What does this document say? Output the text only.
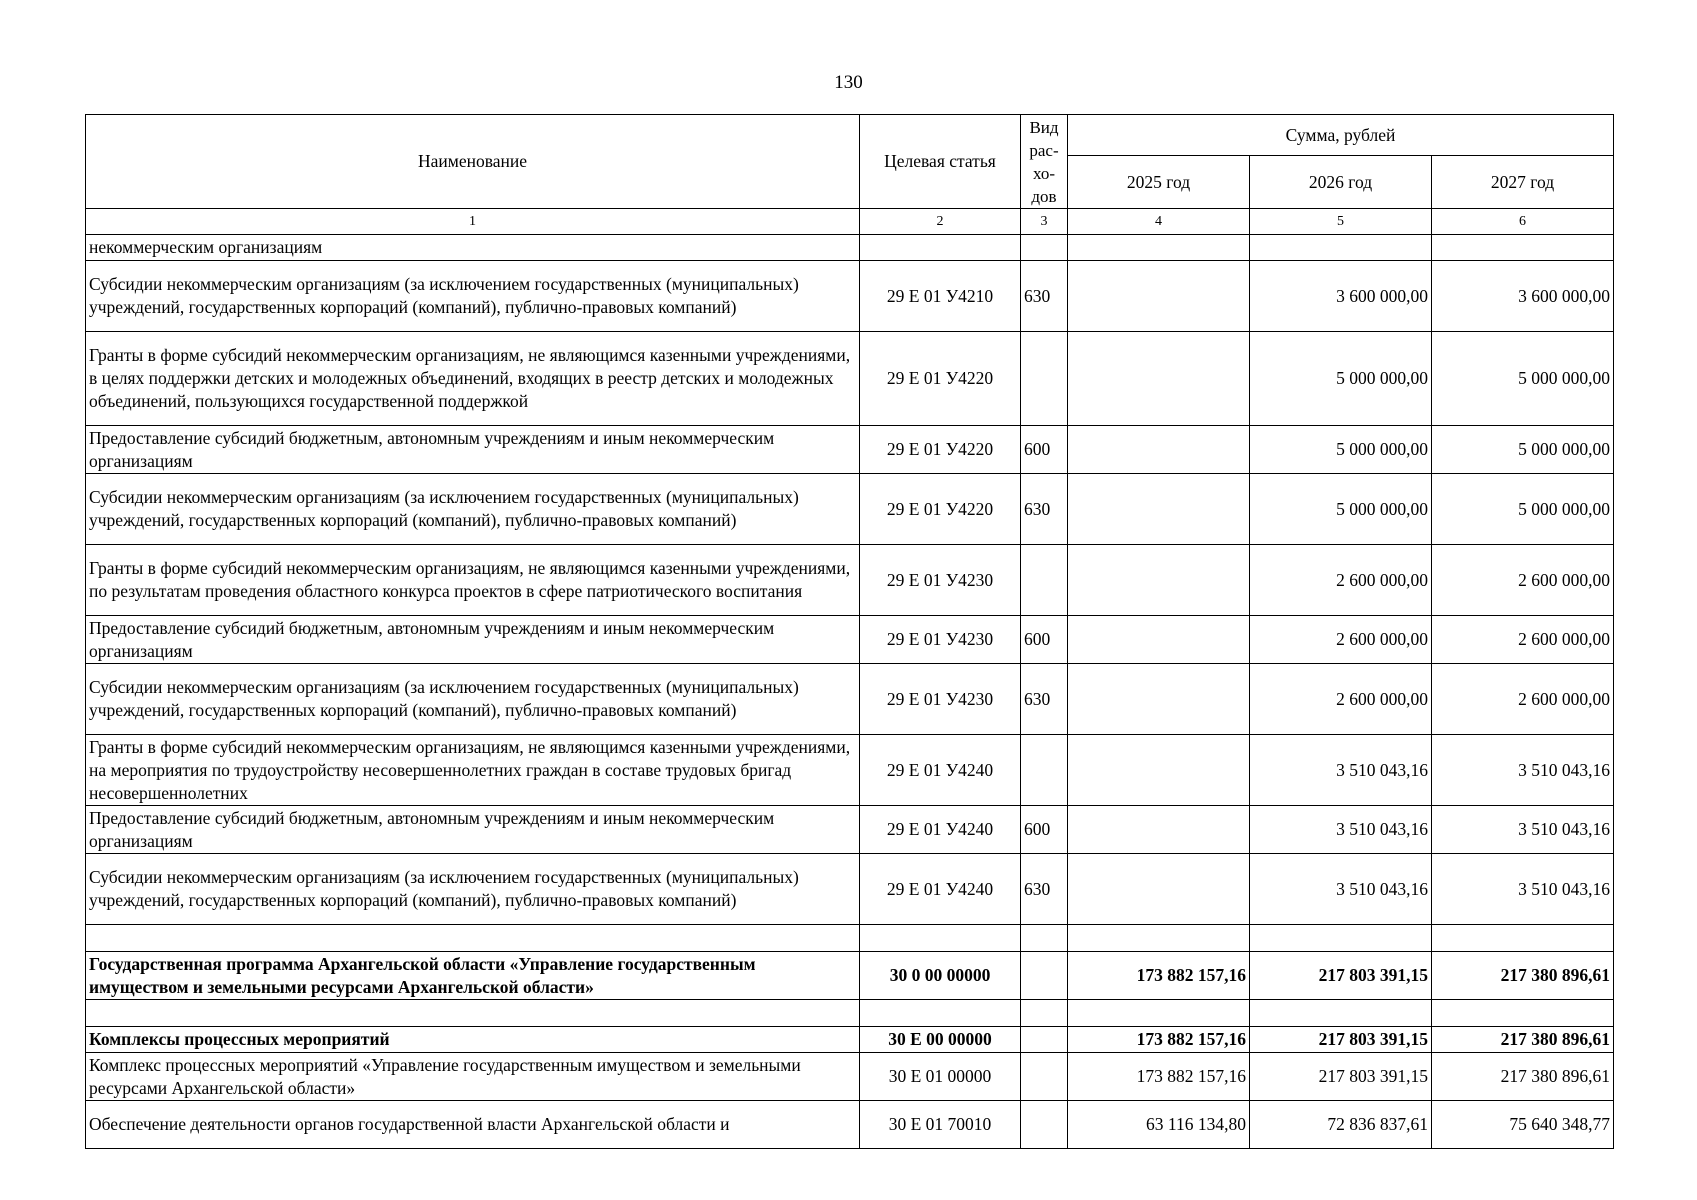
130
Наименование	Целевая статья	Вид рас-хо-дов	Сумма, рублей		
			2025 год	2026 год	2027 год
1	2	3	4	5	6
некоммерческим организациям					
Субсидии некоммерческим организациям (за исключением государственных (муниципальных) учреждений, государственных корпораций (компаний), публично-правовых компаний)	29 Е 01 У4210	630		3 600 000,00	3 600 000,00
Гранты в форме субсидий некоммерческим организациям, не являющимся казенными учреждениями, в целях поддержки детских и молодежных объединений, входящих в реестр детских и молодежных объединений, пользующихся государственной поддержкой	29 Е 01 У4220			5 000 000,00	5 000 000,00
Предоставление субсидий бюджетным, автономным учреждениям и иным некоммерческим организациям	29 Е 01 У4220	600		5 000 000,00	5 000 000,00
Субсидии некоммерческим организациям (за исключением государственных (муниципальных) учреждений, государственных корпораций (компаний), публично-правовых компаний)	29 Е 01 У4220	630		5 000 000,00	5 000 000,00
Гранты в форме субсидий некоммерческим организациям, не являющимся казенными учреждениями, по результатам проведения областного конкурса проектов в сфере патриотического воспитания	29 Е 01 У4230			2 600 000,00	2 600 000,00
Предоставление субсидий бюджетным, автономным учреждениям и иным некоммерческим организациям	29 Е 01 У4230	600		2 600 000,00	2 600 000,00
Субсидии некоммерческим организациям (за исключением государственных (муниципальных) учреждений, государственных корпораций (компаний), публично-правовых компаний)	29 Е 01 У4230	630		2 600 000,00	2 600 000,00
Гранты в форме субсидий некоммерческим организациям, не являющимся казенными учреждениями, на мероприятия по трудоустройству несовершеннолетних граждан в составе трудовых бригад несовершеннолетних	29 Е 01 У4240			3 510 043,16	3 510 043,16
Предоставление субсидий бюджетным, автономным учреждениям и иным некоммерческим организациям	29 Е 01 У4240	600		3 510 043,16	3 510 043,16
Субсидии некоммерческим организациям (за исключением государственных (муниципальных) учреждений, государственных корпораций (компаний), публично-правовых компаний)	29 Е 01 У4240	630		3 510 043,16	3 510 043,16

Государственная программа Архангельской области «Управление государственным имуществом и земельными ресурсами Архангельской области»	30 0 00 00000		173 882 157,16	217 803 391,15	217 380 896,61

Комплексы процессных мероприятий	30 Е 00 00000		173 882 157,16	217 803 391,15	217 380 896,61
Комплекс процессных мероприятий «Управление государственным имуществом и земельными ресурсами Архангельской области»	30 Е 01 00000		173 882 157,16	217 803 391,15	217 380 896,61
Обеспечение деятельности органов государственной власти Архангельской области и	30 Е 01 70010		63 116 134,80	72 836 837,61	75 640 348,77
